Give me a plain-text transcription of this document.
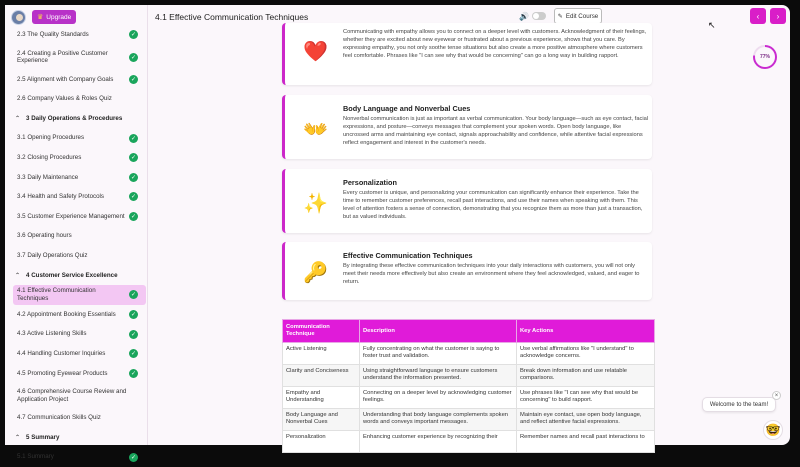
♛ Upgrade
2.3 The Quality Standards	✓
2.4 Creating a Positive Customer Experience	✓
2.5 Alignment with Company Goals	✓
2.6 Company Values & Roles Quiz
⌃ 3 Daily Operations & Procedures
3.1 Opening Procedures	✓
3.2 Closing Procedures	✓
3.3 Daily Maintenance	✓
3.4 Health and Safety Protocols	✓
3.5 Customer Experience Management	✓
3.6 Operating hours
3.7 Daily Operations Quiz
⌃ 4 Customer Service Excellence
4.1 Effective Communication Techniques	✓
4.2 Appointment Booking Essentials	✓
4.3 Active Listening Skills	✓
4.4 Handling Customer Inquiries	✓
4.5 Promoting Eyewear Products	✓
4.6 Comprehensive Course Review and Application Project
4.7 Communication Skills Quiz
⌃ 5 Summary
5.1 Summary	✓
4.1 Effective Communication Techniques	🔊	✎ Edit Course	‹	›
↖
❤️

Communicating with empathy allows you to connect on a deeper level with customers. Acknowledgment of their feelings, whether they are excited about new eyewear or frustrated about a previous experience, shows that you care. By expressing empathy, you not only soothe tense situations but also create a more positive atmosphere where customers feel comfortable. Phrases like "I can see why that would be concerning" can go a long way in building rapport.

👐
Body Language and Nonverbal Cues

Nonverbal communication is just as important as verbal communication. Your body language—such as eye contact, facial expressions, and posture—conveys messages that complement your spoken words. Open body language, like uncrossed arms and maintaining eye contact, signals approachability and confidence, while attentive facial expressions reflect engagement and interest in the customer's needs.

✨
Personalization

Every customer is unique, and personalizing your communication can significantly enhance their experience. Take the time to remember customer preferences, recall past interactions, and use their names when speaking with them. This level of attention fosters a sense of connection, demonstrating that you recognize them as more than just a transaction, but as valued individuals.

🔑
Effective Communication Techniques

By integrating these effective communication techniques into your daily interactions with customers, you will not only meet their needs more effectively but also create an environment where they feel acknowledged, valued, and eager to return.

Communication Technique	Description	Key Actions
Active Listening	Fully concentrating on what the customer is saying to foster trust and validation.	Use verbal affirmations like "I understand" to acknowledge concerns.
Clarity and Conciseness	Using straightforward language to ensure customers understand the information presented.	Break down information and use relatable comparisons.
Empathy and Understanding	Connecting on a deeper level by acknowledging customer feelings.	Use phrases like "I can see why that would be concerning" to build rapport.
Body Language and Nonverbal Cues	Understanding that body language complements spoken words and conveys important messages.	Maintain eye contact, use open body language, and reflect attentive facial expressions.
Personalization	Enhancing customer experience by recognizing their	Remember names and recall past interactions to
77%
Welcome to the team!
×
🤓
